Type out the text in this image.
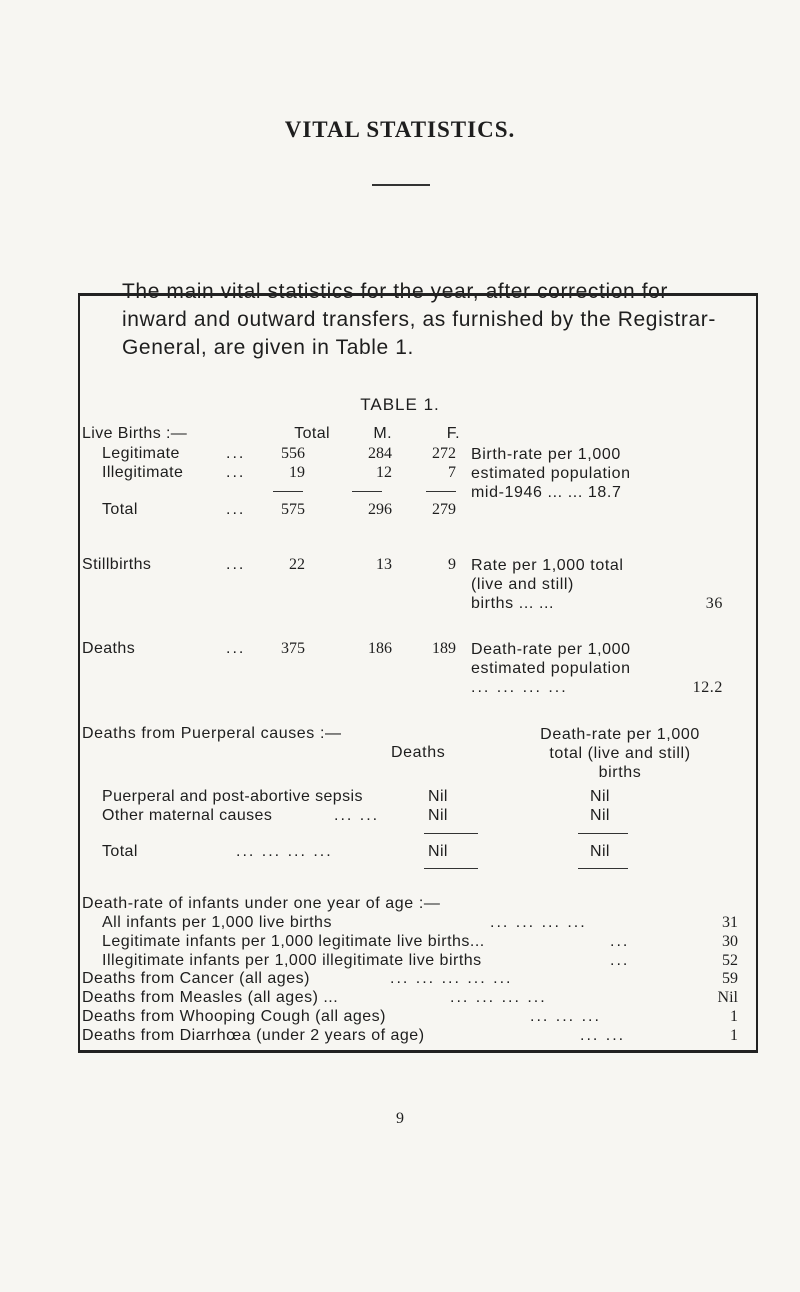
VITAL STATISTICS.
The main vital statistics for the year, after correction for
inward and outward transfers, as furnished by the Registrar-
General, are given in Table 1.
TABLE 1.
Live Births :—	Total	M.	F.
Legitimate	...	556	284	272
Illegitimate	...	19	12	7
Total	...	575	296	279
Birth-rate per 1,000
estimated population
mid-1946 ... ... 18.7
Stillbirths	...	22	13	9 Rate per 1,000 total
(live and still)
births ... ...	36
Deaths	...	375	186	189 Death-rate per 1,000
estimated population
... ... ... ...	12.2
Deaths from Puerperal causes :—
Deaths
Death-rate per 1,000
total (live and still)
births
Puerperal and post-abortive sepsis	Nil	Nil
Other maternal causes	... ...	Nil	Nil
Total	... ... ... ...	Nil	Nil
Death-rate of infants under one year of age :—
All infants per 1,000 live births	... ... ... ...	31
Legitimate infants per 1,000 legitimate live births...	...	30
Illegitimate infants per 1,000 illegitimate live births	...	52
Deaths from Cancer (all ages)	... ... ... ... ...	59
Deaths from Measles (all ages) ...	... ... ... ...	Nil
Deaths from Whooping Cough (all ages)	... ... ...	1
9
Deaths from Diarrhœa (under 2 years of age)	... ...	1
